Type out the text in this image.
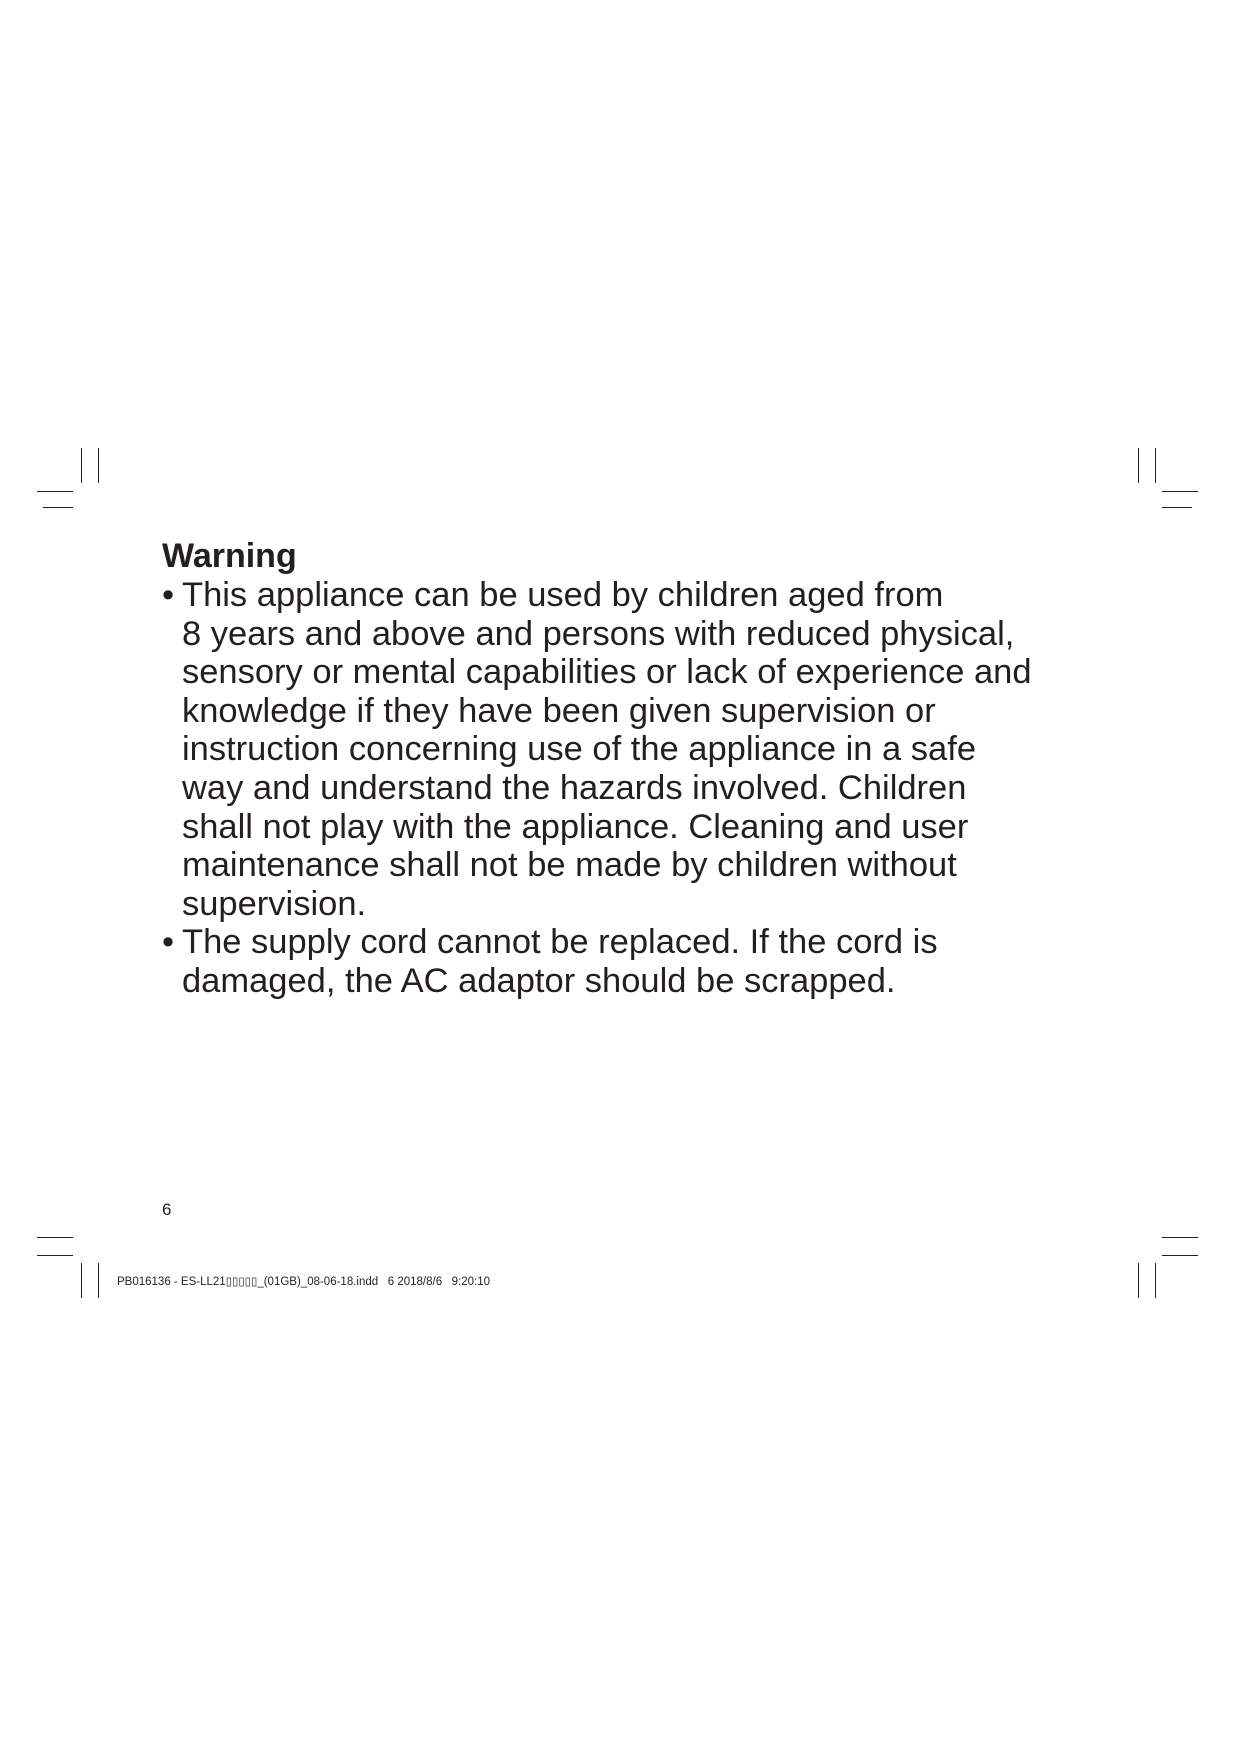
Warning
• This appliance can be used by children aged from
8 years and above and persons with reduced physical,
sensory or mental capabilities or lack of experience and
knowledge if they have been given supervision or
instruction concerning use of the appliance in a safe
way and understand the hazards involved. Children
shall not play with the appliance. Cleaning and user
maintenance shall not be made by children without
supervision.
• The supply cord cannot be replaced. If the cord is
damaged, the AC adaptor should be scrapped.
6
PB016136 - ES-LL21▯▯▯▯▯_(01GB)_08-06-18.indd   6 2018/8/6   9:20:10
